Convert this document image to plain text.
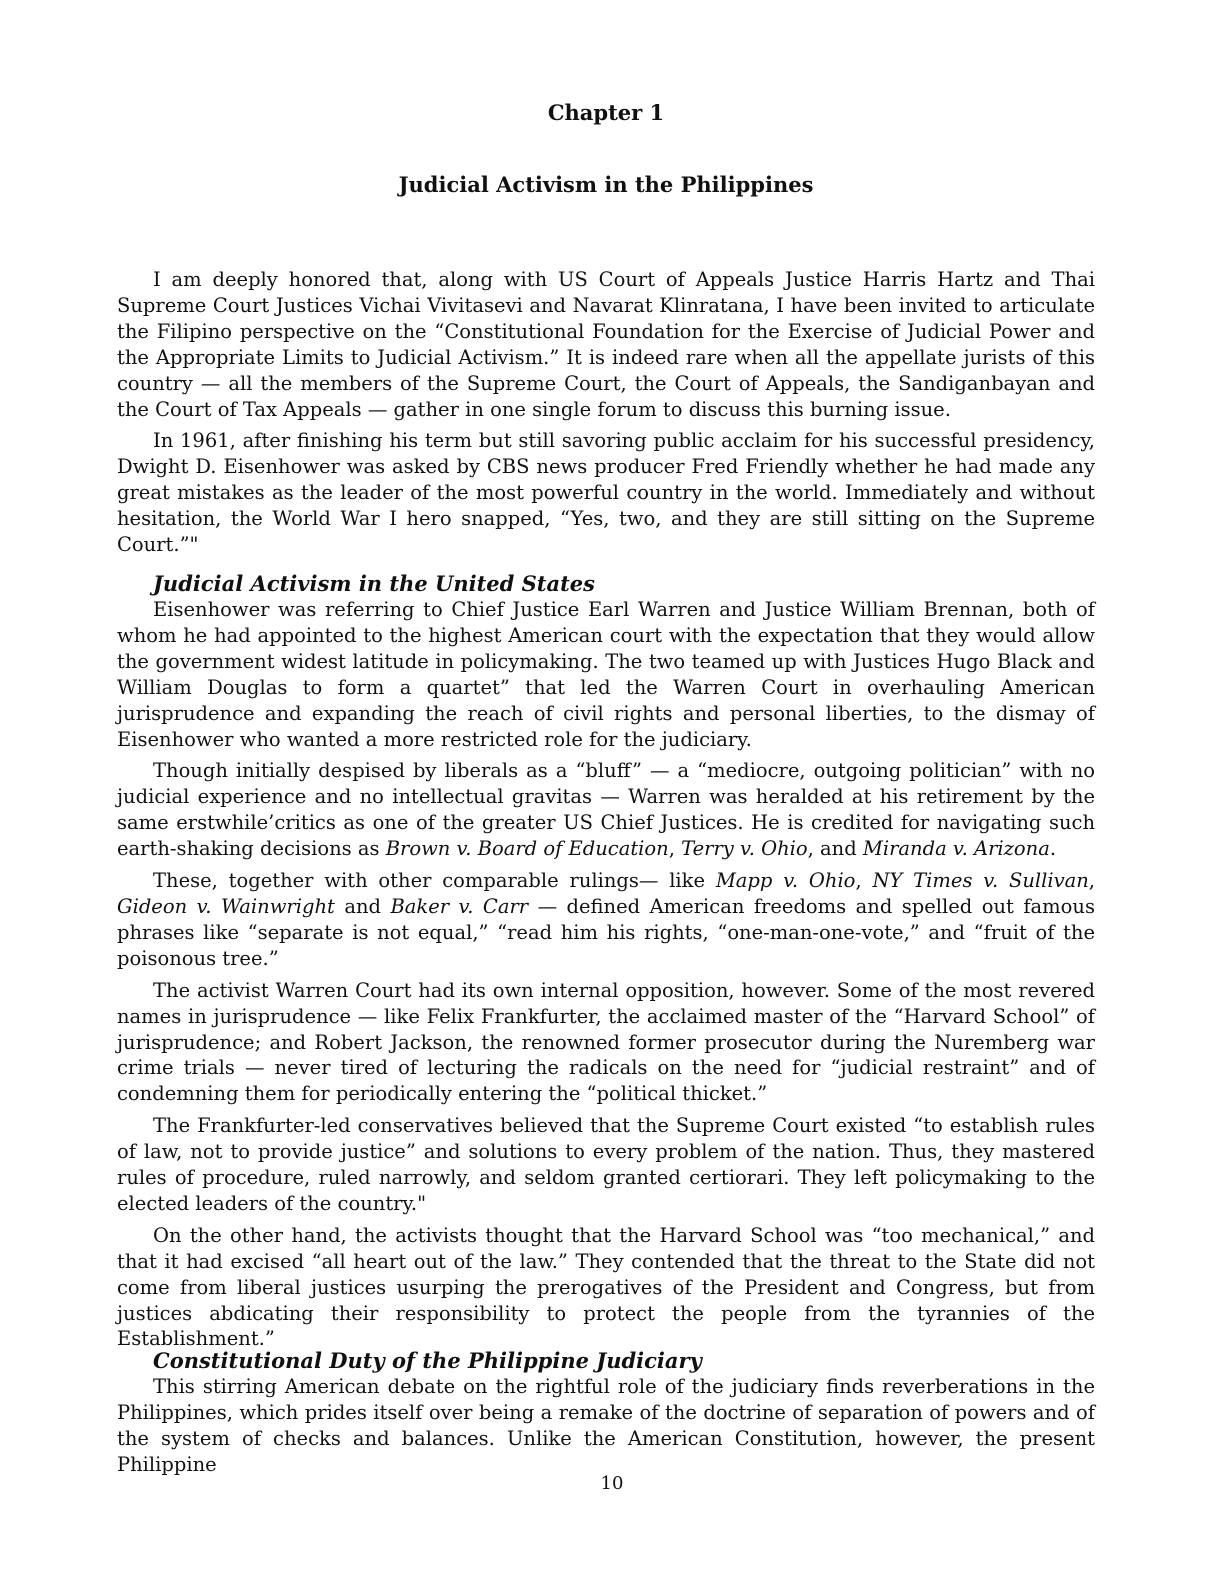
Chapter 1
Judicial Activism in the Philippines

I am deeply honored that, along with US Court of Appeals Justice Harris Hartz and Thai Supreme Court Justices Vichai Vivitasevi and Navarat Klinratana, I have been invited to articulate the Filipino perspective on the “Constitutional Foundation for the Exercise of Judicial Power and the Appropriate Limits to Judicial Activism.” It is indeed rare when all the appellate jurists of this country — all the members of the Supreme Court, the Court of Appeals, the Sandiganbayan and the Court of Tax Appeals — gather in one single forum to discuss this burning issue.

In 1961, after finishing his term but still savoring public acclaim for his successful presidency, Dwight D. Eisenhower was asked by CBS news producer Fred Friendly whether he had made any great mistakes as the leader of the most powerful country in the world. Immediately and without hesitation, the World War I hero snapped, “Yes, two, and they are still sitting on the Supreme Court.”"

Judicial Activism in the United States

Eisenhower was referring to Chief Justice Earl Warren and Justice William Brennan, both of whom he had appointed to the highest American court with the expectation that they would allow the government widest latitude in policymaking. The two teamed up with Justices Hugo Black and William Douglas to form a quartet” that led the Warren Court in overhauling American jurisprudence and expanding the reach of civil rights and personal liberties, to the dismay of Eisenhower who wanted a more restricted role for the judiciary.

Though initially despised by liberals as a “bluff” — a “mediocre, outgoing politician” with no judicial experience and no intellectual gravitas — Warren was heralded at his retirement by the same erstwhile’critics as one of the greater US Chief Justices. He is credited for navigating such earth-shaking decisions as Brown v. Board of Education, Terry v. Ohio, and Miranda v. Arizona.

These, together with other comparable rulings— like Mapp v. Ohio, NY Times v. Sullivan, Gideon v. Wainwright and Baker v. Carr — defined American freedoms and spelled out famous phrases like “separate is not equal,” “read him his rights, “one-man-one-vote,” and “fruit of the poisonous tree.”

The activist Warren Court had its own internal opposition, however. Some of the most revered names in jurisprudence — like Felix Frankfurter, the acclaimed master of the “Harvard School” of jurisprudence; and Robert Jackson, the renowned former prosecutor during the Nuremberg war crime trials — never tired of lecturing the radicals on the need for “judicial restraint” and of condemning them for periodically entering the “political thicket.”

The Frankfurter-led conservatives believed that the Supreme Court existed “to establish rules of law, not to provide justice” and solutions to every problem of the nation. Thus, they mastered rules of procedure, ruled narrowly, and seldom granted certiorari. They left policymaking to the elected leaders of the country."

On the other hand, the activists thought that the Harvard School was “too mechanical,” and that it had excised “all heart out of the law.” They contended that the threat to the State did not come from liberal justices usurping the prerogatives of the President and Congress, but from justices abdicating their responsibility to protect the people from the tyrannies of the Establishment.”

Constitutional Duty of the Philippine Judiciary

This stirring American debate on the rightful role of the judiciary finds reverberations in the Philippines, which prides itself over being a remake of the doctrine of separation of powers and of the system of checks and balances. Unlike the American Constitution, however, the present Philippine

10
